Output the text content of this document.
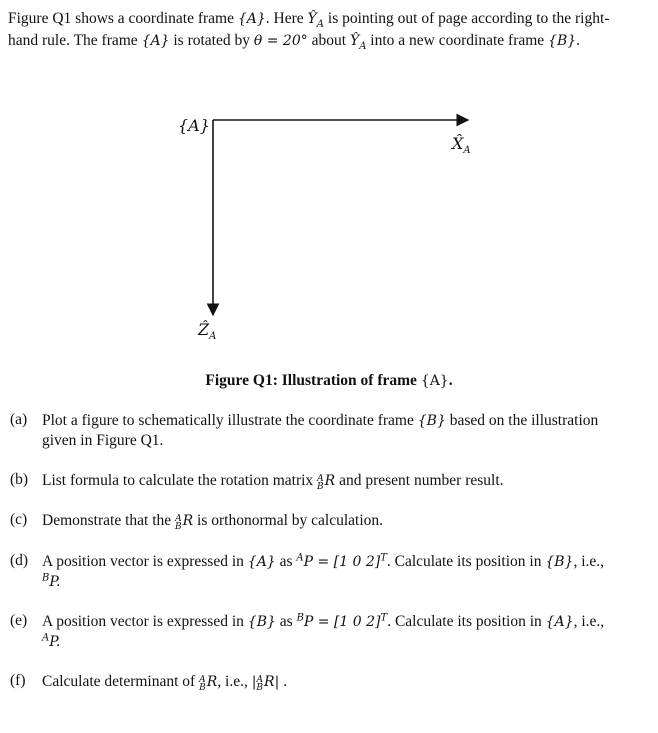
Figure Q1 shows a coordinate frame {A}. Here $Ŷ_A$ is pointing out of page according to the right-
hand rule. The frame {A} is rotated by θ = 20° about $Ŷ_A$ into a new coordinate frame {B}.
{A}
$X̂_A$
Ẑ$_A$
Figure Q1: Illustration of frame {A}.
(a) Plot a figure to schematically illustrate the coordinate frame {B} based on the illustration
given in Figure Q1.
(b) List formula to calculate the rotation matrix A
B R and present number result.
(c) Demonstrate that the A
B R is orthonormal by calculation.
(d) A position vector is expressed in {A} as $^A$P = [1 0 2]$^T$. Calculate its position in {B}, i.e.,
$^B$P.
(e) A position vector is expressed in {B} as $^B$P = [1 0 2]$^T$. Calculate its position in {A}, i.e.,
$^A$P.
(f) Calculate determinant of A
B R, i.e., | A
B R| .
